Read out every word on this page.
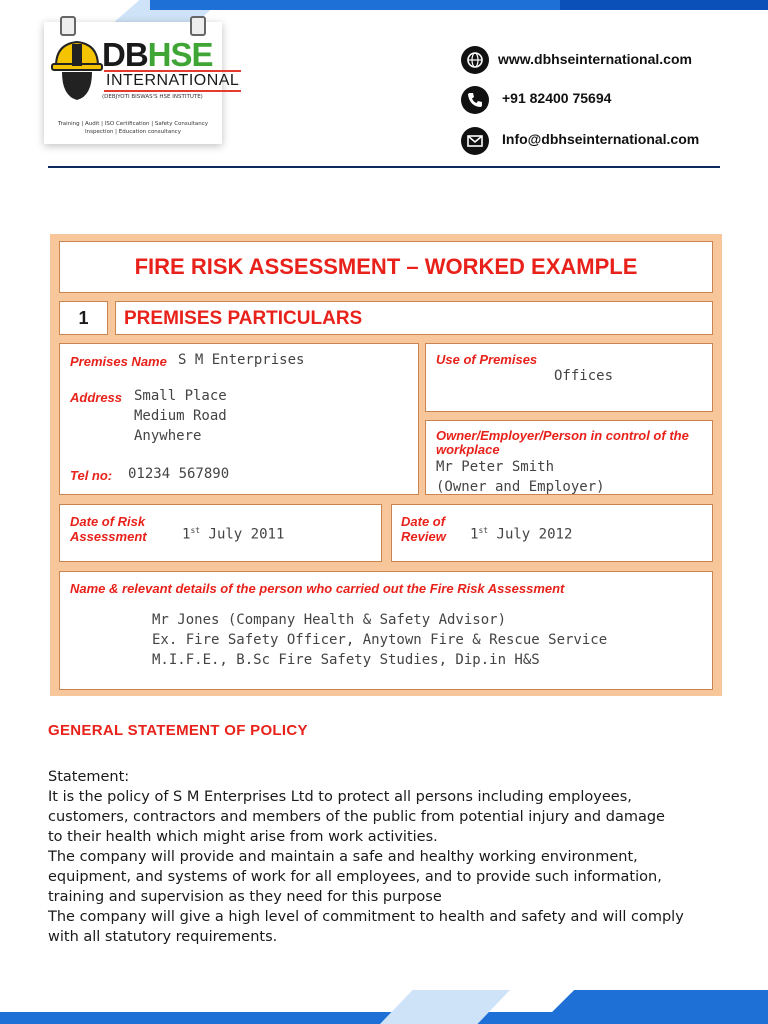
DBHSE
INTERNATIONAL
(DEBJYOTI BISWAS'S HSE INSTITUTE)
Training | Audit | ISO Certification | Safety Consultancy
Inspection | Education consultancy
www.dbhseinternational.com
+91 82400 75694
Info@dbhseinternational.com
FIRE RISK ASSESSMENT – WORKED EXAMPLE
1	PREMISES PARTICULARS
Premises Name S M Enterprises
Address Small Place
Medium Road
Anywhere
Tel no: 01234 567890
Use of Premises
Offices
Owner/Employer/Person in control of the
workplace
Mr Peter Smith
(Owner and Employer)
Date of Risk
Assessment	1st July 2011
Date of
Review 1st July 2012
Name & relevant details of the person who carried out the Fire Risk Assessment
Mr Jones (Company Health & Safety Advisor)
Ex. Fire Safety Officer, Anytown Fire & Rescue Service
M.I.F.E., B.Sc Fire Safety Studies, Dip.in H&S
GENERAL STATEMENT OF POLICY
Statement:
It is the policy of S M Enterprises Ltd to protect all persons including employees,
customers, contractors and members of the public from potential injury and damage
to their health which might arise from work activities.
The company will provide and maintain a safe and healthy working environment,
equipment, and systems of work for all employees, and to provide such information,
training and supervision as they need for this purpose
The company will give a high level of commitment to health and safety and will comply
with all statutory requirements.
